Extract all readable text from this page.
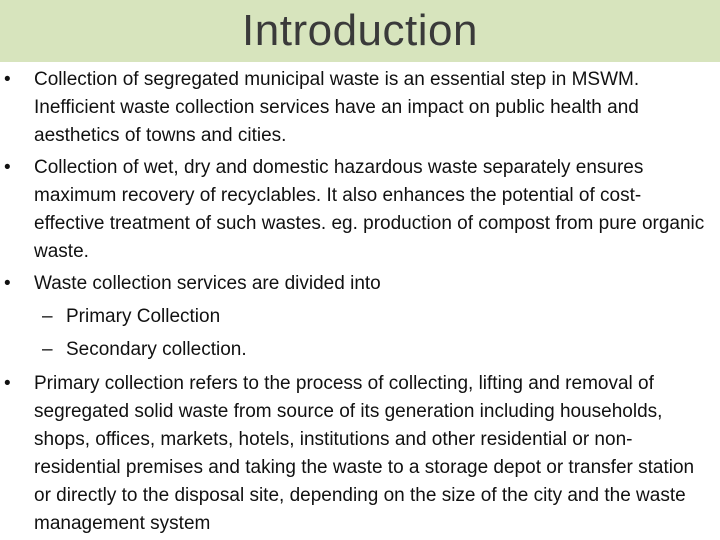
Introduction
• Collection of segregated municipal waste is an essential step in MSWM. Inefficient waste collection services have an impact on public health and aesthetics of towns and cities.
• Collection of wet, dry and domestic hazardous waste separately ensures maximum recovery of recyclables. It also enhances the potential of cost-effective treatment of such wastes. eg. production of compost from pure organic waste.
• Waste collection services are divided into
– Primary Collection
– Secondary collection.
• Primary collection refers to the process of collecting, lifting and removal of segregated solid waste from source of its generation including households, shops, offices, markets, hotels, institutions and other residential or non-residential premises and taking the waste to a storage depot or transfer station or directly to the disposal site, depending on the size of the city and the waste management system
